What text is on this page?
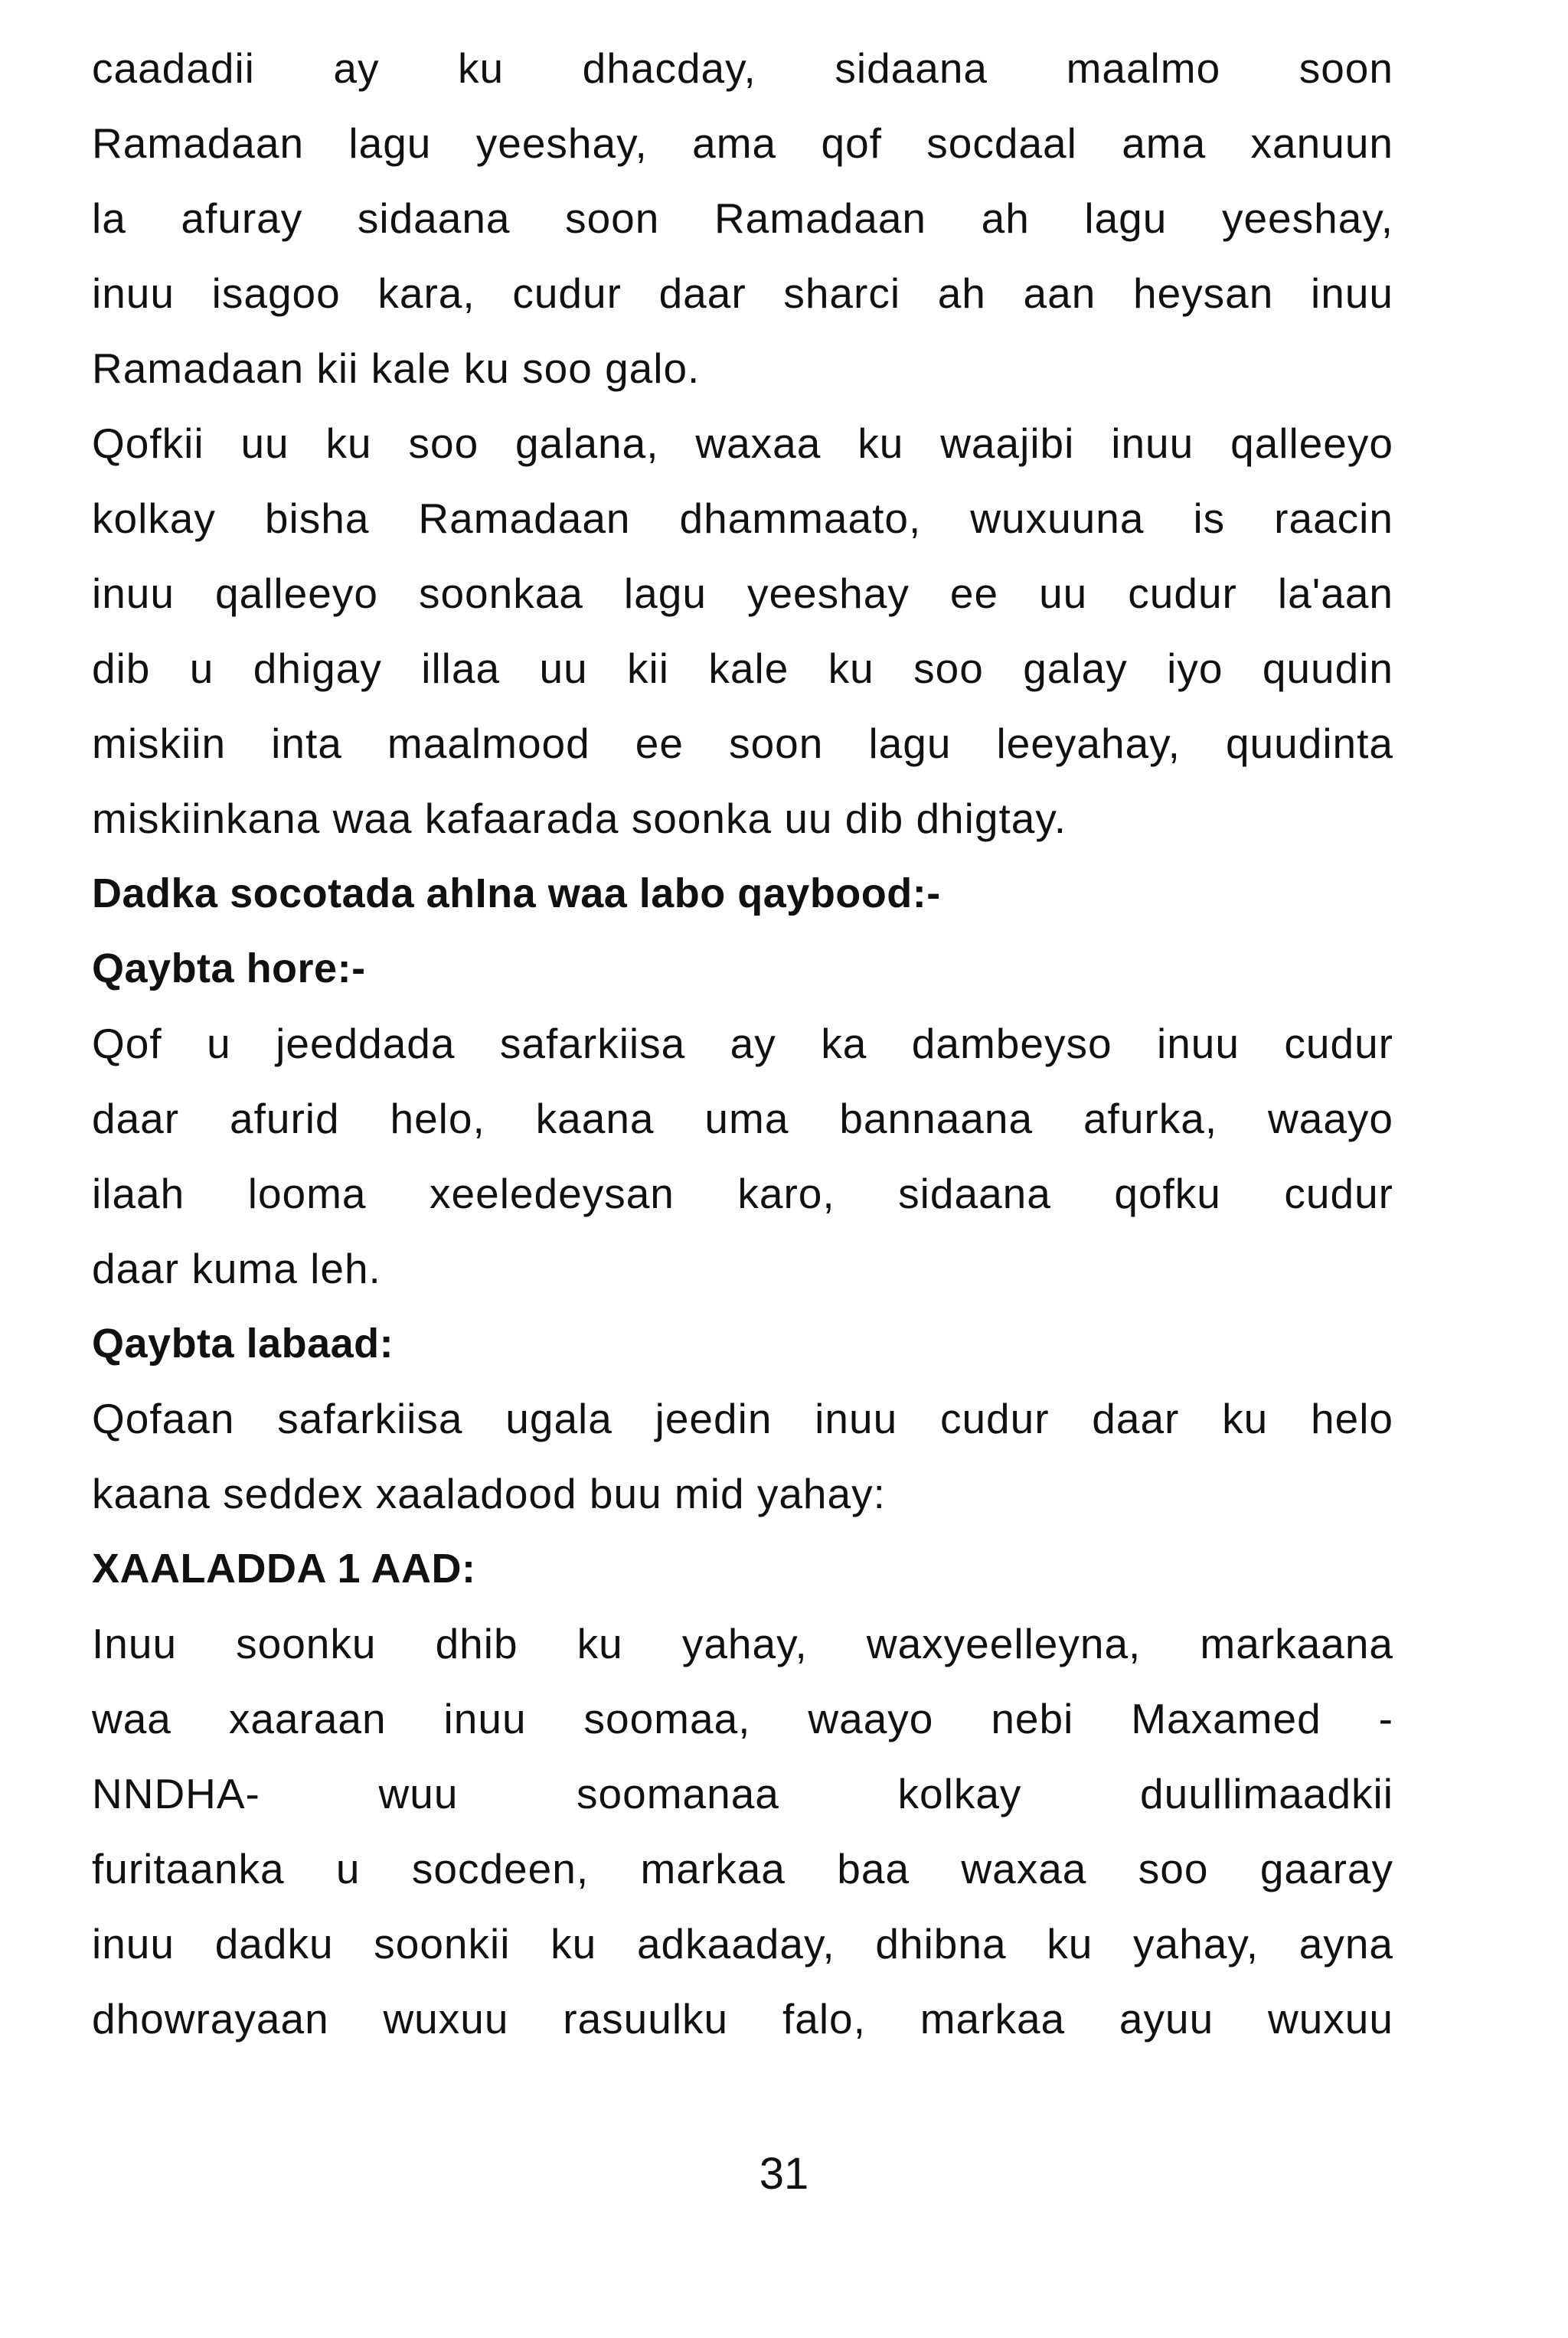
caadadii ay ku dhacday, sidaana maalmo soon
Ramadaan lagu yeeshay, ama qof socdaal ama xanuun
la afuray sidaana soon Ramadaan ah lagu yeeshay,
inuu isagoo kara, cudur daar sharci ah aan heysan inuu
Ramadaan kii kale ku soo galo.
Qofkii uu ku soo galana, waxaa ku waajibi inuu qalleeyo
kolkay bisha Ramadaan dhammaato, wuxuuna is raacin
inuu qalleeyo soonkaa lagu yeeshay ee uu cudur la'aan
dib u dhigay illaa uu kii kale ku soo galay iyo quudin
miskiin inta maalmood ee soon lagu leeyahay, quudinta
miskiinkana waa kafaarada soonka uu dib dhigtay.
Dadka socotada ahIna waa labo qaybood:-
Qaybta hore:-
Qof u jeeddada safarkiisa ay ka dambeyso inuu cudur
daar afurid helo, kaana uma bannaana afurka, waayo
ilaah looma xeeledeysan karo, sidaana qofku cudur
daar kuma leh.
Qaybta labaad:
Qofaan safarkiisa ugala jeedin inuu cudur daar ku helo
kaana seddex xaaladood buu mid yahay:
XAALADDA 1 AAD:
Inuu soonku dhib ku yahay, waxyeelleyna, markaana
waa xaaraan inuu soomaa, waayo nebi Maxamed -
NNDHA- wuu soomanaa kolkay duullimaadkii
furitaanka u socdeen, markaa baa waxaa soo gaaray
inuu dadku soonkii ku adkaaday, dhibna ku yahay, ayna
dhowrayaan wuxuu rasuulku falo, markaa ayuu wuxuu
31
